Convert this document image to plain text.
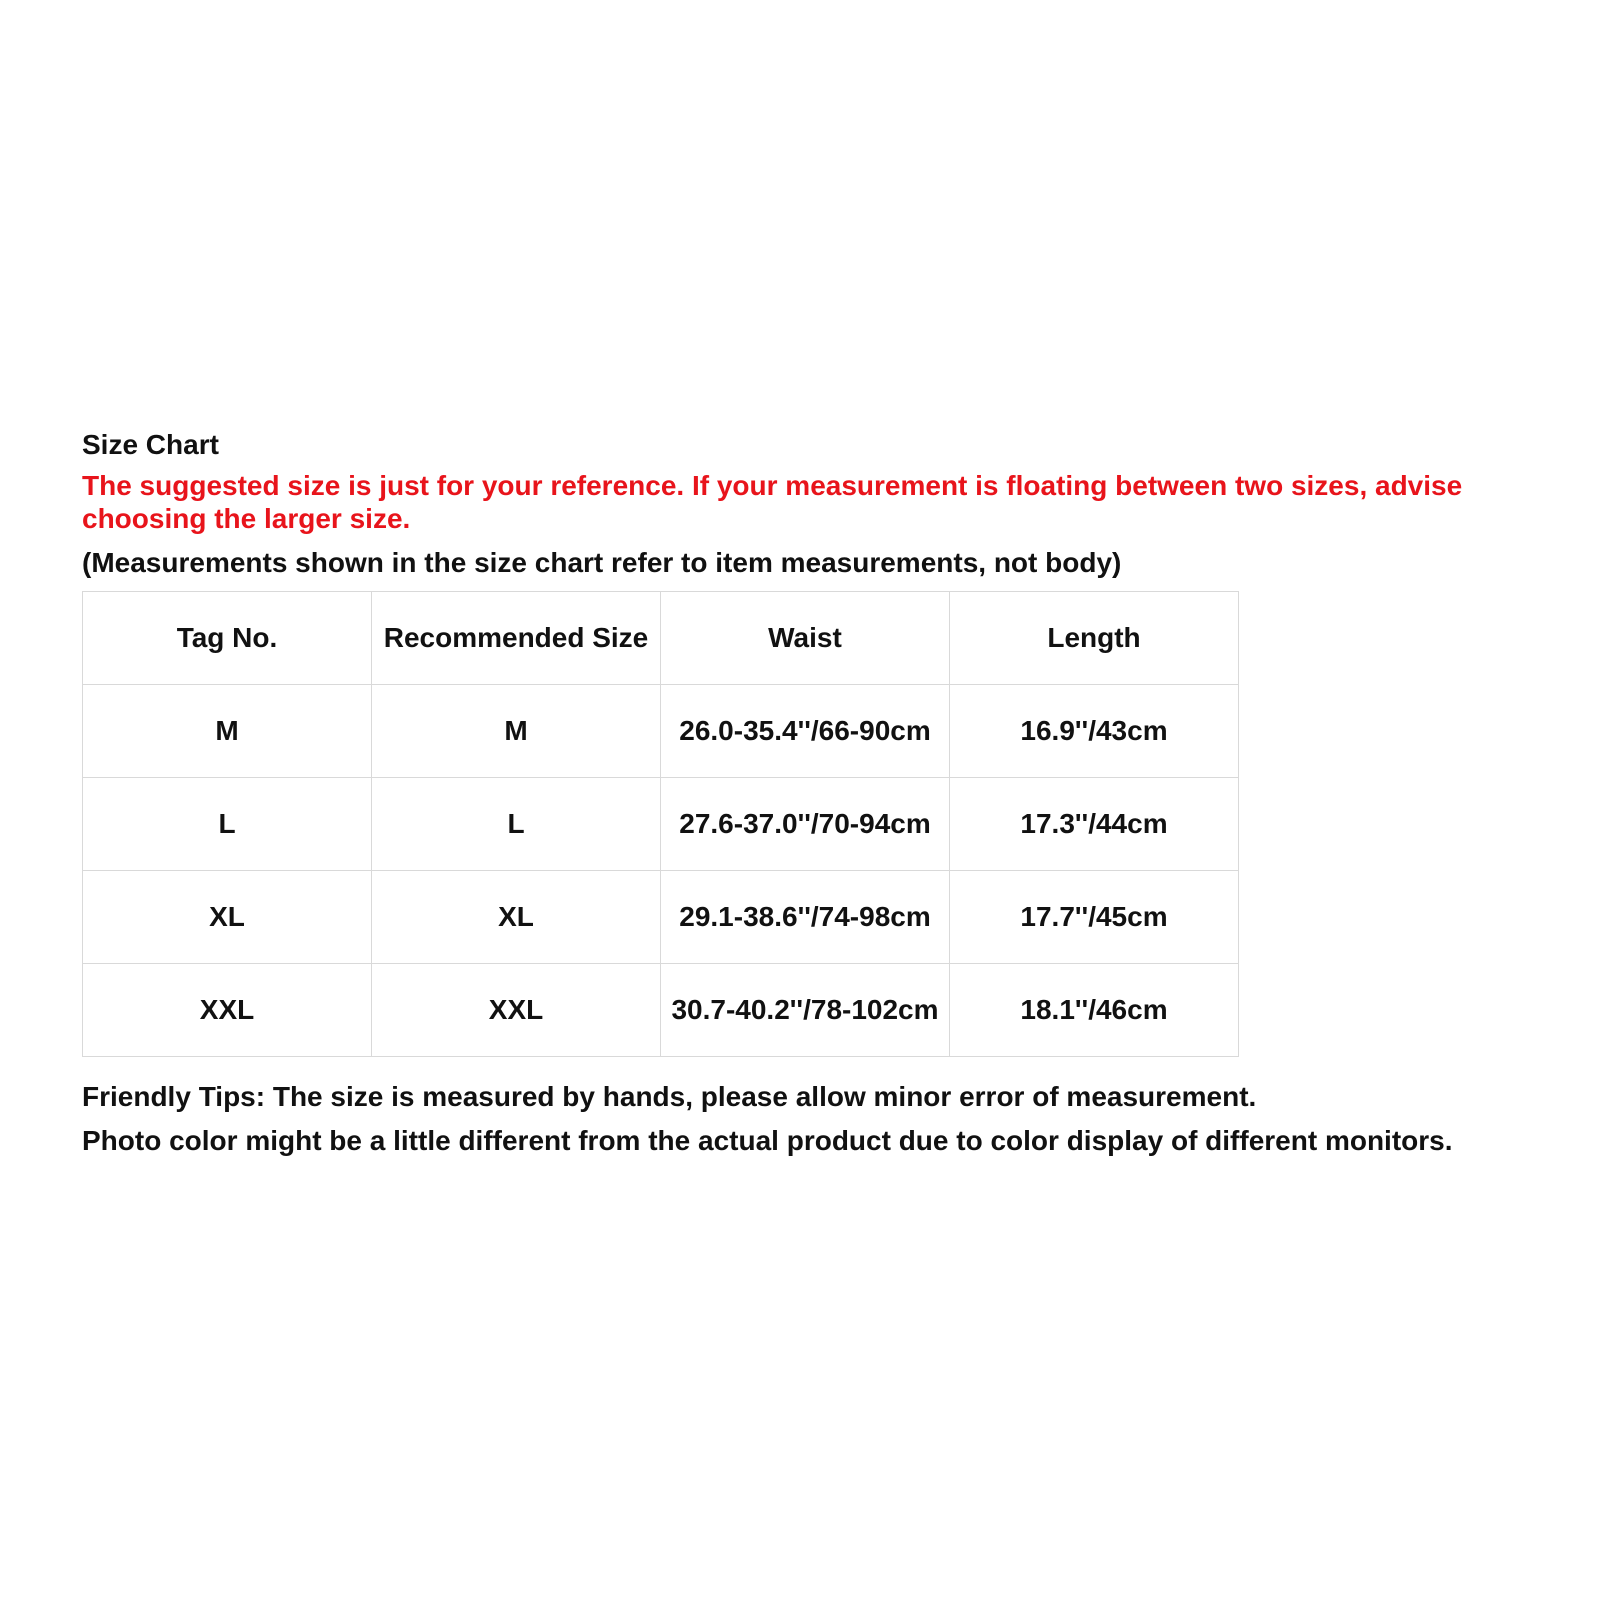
Size Chart
The suggested size is just for your reference. If your measurement is floating between two sizes, advise choosing the larger size.
(Measurements shown in the size chart refer to item measurements, not body)
Tag No.	Recommended Size	Waist	Length
M	M	26.0-35.4''/66-90cm	16.9''/43cm
L	L	27.6-37.0''/70-94cm	17.3''/44cm
XL	XL	29.1-38.6''/74-98cm	17.7''/45cm
XXL	XXL	30.7-40.2''/78-102cm	18.1''/46cm
Friendly Tips: The size is measured by hands, please allow minor error of measurement.
Photo color might be a little different from the actual product due to color display of different monitors.
